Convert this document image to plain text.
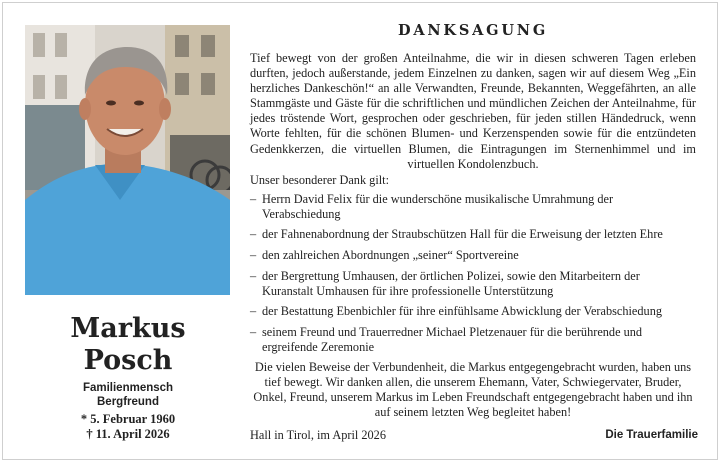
Markus
Posch
Familienmensch
Bergfreund
* 5. Februar 1960
† 11. April 2026
DANKSAGUNG
Tief bewegt von der großen Anteilnahme, die wir in diesen schweren Tagen erleben durften, jedoch außerstande, jedem Einzelnen zu danken, sagen wir auf diesem Weg „Ein herzliches Dankeschön!“ an alle Verwandten, Freunde, Bekannten, Weggefährten, an alle Stammgäste und Gäste für die schriftlichen und mündlichen Zeichen der Anteilnahme, für jedes tröstende Wort, gesprochen oder geschrieben, für jeden stillen Händedruck, wenn Worte fehlten, für die schönen Blumen- und Kerzenspenden sowie für die entzündeten Gedenkkerzen, die virtuellen Blumen, die Eintragungen im Sternenhimmel und im virtuellen Kondolenzbuch.
Unser besonderer Dank gilt:
– Herrn David Felix für die wunderschöne musikalische Umrahmung der Verabschiedung
– der Fahnenabordnung der Straubschützen Hall für die Erweisung der letzten Ehre
– den zahlreichen Abordnungen „seiner“ Sportvereine
– der Bergrettung Umhausen, der örtlichen Polizei, sowie den Mitarbeitern der Kuranstalt Umhausen für ihre professionelle Unterstützung
– der Bestattung Ebenbichler für ihre einfühlsame Abwicklung der Verabschiedung
– seinem Freund und Trauerredner Michael Pletzenauer für die berührende und ergreifende Zeremonie
Die vielen Beweise der Verbundenheit, die Markus entgegengebracht wurden, haben uns tief bewegt. Wir danken allen, die unserem Ehemann, Vater, Schwiegervater, Bruder, Onkel, Freund, unserem Markus im Leben Freundschaft entgegengebracht haben und ihn auf seinem letzten Weg begleitet haben!
Hall in Tirol, im April 2026	Die Trauerfamilie
